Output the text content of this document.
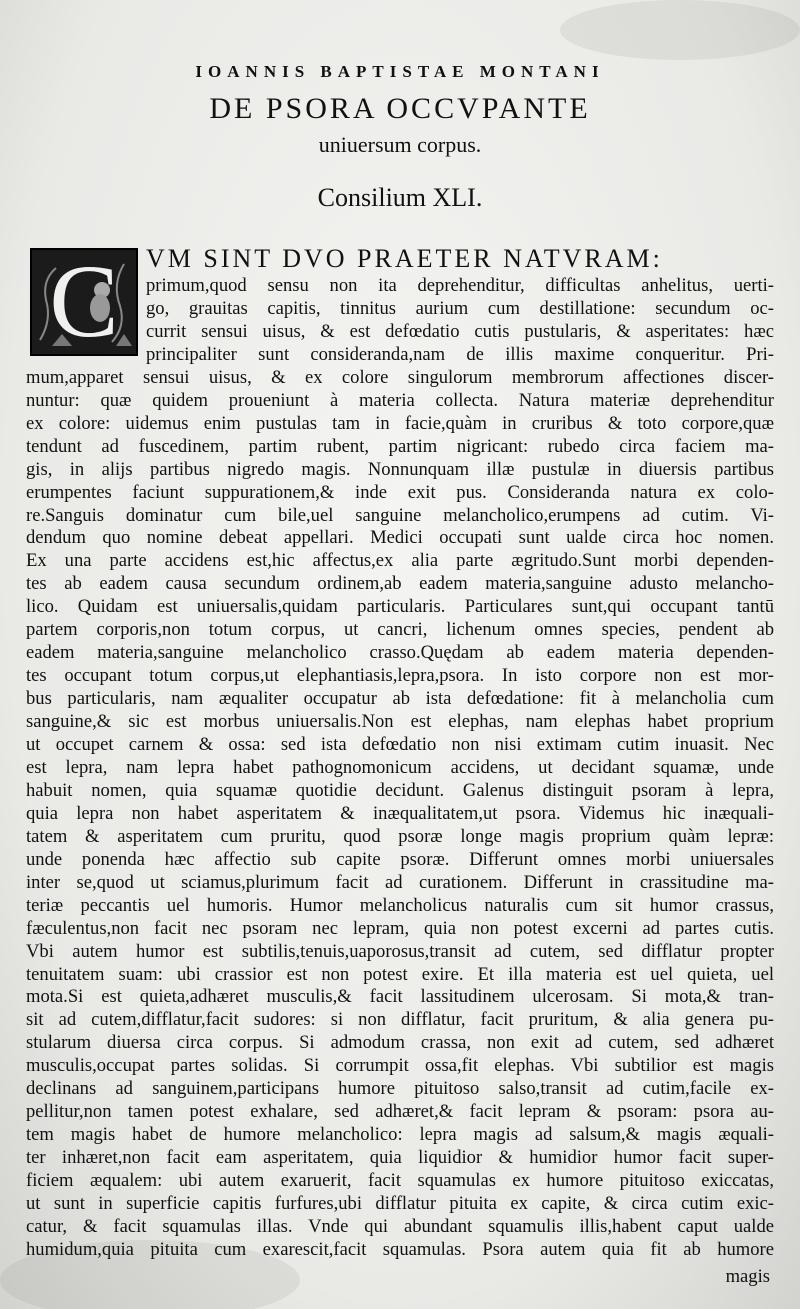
IOANNIS BAPTISTAE MONTANI
DE PSORA OCCVPANTE
uniuersum corpus.
Consilium XLI.
C	VM SINT DVO PRAETER NATVRAM:
primum,quod sensu non ita deprehenditur, difficultas anhelitus, uerti-
go, grauitas capitis, tinnitus aurium cum destillatione: secundum oc-
currit sensui uisus, & est defœdatio cutis pustularis, & asperitates: hæc
principaliter sunt consideranda,nam de illis maxime conqueritur. Pri-
mum,apparet sensui uisus, & ex colore singulorum membrorum affectiones discer-
nuntur: quæ quidem proueniunt à materia collecta. Natura materiæ deprehenditur
ex colore: uidemus enim pustulas tam in facie,quàm in cruribus & toto corpore,quæ
tendunt ad fuscedinem, partim rubent, partim nigricant: rubedo circa faciem ma-
gis, in alijs partibus nigredo magis. Nonnunquam illæ pustulæ in diuersis partibus
erumpentes faciunt suppurationem,& inde exit pus. Consideranda natura ex colo-
re.Sanguis dominatur cum bile,uel sanguine melancholico,erumpens ad cutim. Vi-
dendum quo nomine debeat appellari. Medici occupati sunt ualde circa hoc nomen.
Ex una parte accidens est,hic affectus,ex alia parte ægritudo.Sunt morbi dependen-
tes ab eadem causa secundum ordinem,ab eadem materia,sanguine adusto melancho-
lico. Quidam est uniuersalis,quidam particularis. Particulares sunt,qui occupant tantū
partem corporis,non totum corpus, ut cancri, lichenum omnes species, pendent ab
eadem materia,sanguine melancholico crasso.Quędam ab eadem materia dependen-
tes occupant totum corpus,ut elephantiasis,lepra,psora. In isto corpore non est mor-
bus particularis, nam æqualiter occupatur ab ista defœdatione: fit à melancholia cum
sanguine,& sic est morbus uniuersalis.Non est elephas, nam elephas habet proprium
ut occupet carnem & ossa: sed ista defœdatio non nisi extimam cutim inuasit. Nec
est lepra, nam lepra habet pathognomonicum accidens, ut decidant squamæ, unde
habuit nomen, quia squamæ quotidie decidunt. Galenus distinguit psoram à lepra,
quia lepra non habet asperitatem & inæqualitatem,ut psora. Videmus hic inæquali-
tatem & asperitatem cum pruritu, quod psoræ longe magis proprium quàm lepræ:
unde ponenda hæc affectio sub capite psoræ. Differunt omnes morbi uniuersales
inter se,quod ut sciamus,plurimum facit ad curationem. Differunt in crassitudine ma-
teriæ peccantis uel humoris. Humor melancholicus naturalis cum sit humor crassus,
fæculentus,non facit nec psoram nec lepram, quia non potest excerni ad partes cutis.
Vbi autem humor est subtilis,tenuis,uaporosus,transit ad cutem, sed difflatur propter
tenuitatem suam: ubi crassior est non potest exire. Et illa materia est uel quieta, uel
mota.Si est quieta,adhæret musculis,& facit lassitudinem ulcerosam. Si mota,& tran-
sit ad cutem,difflatur,facit sudores: si non difflatur, facit pruritum, & alia genera pu-
stularum diuersa circa corpus. Si admodum crassa, non exit ad cutem, sed adhæret
musculis,occupat partes solidas. Si corrumpit ossa,fit elephas. Vbi subtilior est magis
declinans ad sanguinem,participans humore pituitoso salso,transit ad cutim,facile ex-
pellitur,non tamen potest exhalare, sed adhæret,& facit lepram & psoram: psora au-
tem magis habet de humore melancholico: lepra magis ad salsum,& magis æquali-
ter inhæret,non facit eam asperitatem, quia liquidior & humidior humor facit super-
ficiem æqualem: ubi autem exaruerit, facit squamulas ex humore pituitoso exiccatas,
ut sunt in superficie capitis furfures,ubi difflatur pituita ex capite, & circa cutim exic-
catur, & facit squamulas illas. Vnde qui abundant squamulis illis,habent caput ualde
humidum,quia pituita cum exarescit,facit squamulas. Psora autem quia fit ab humore
magis
